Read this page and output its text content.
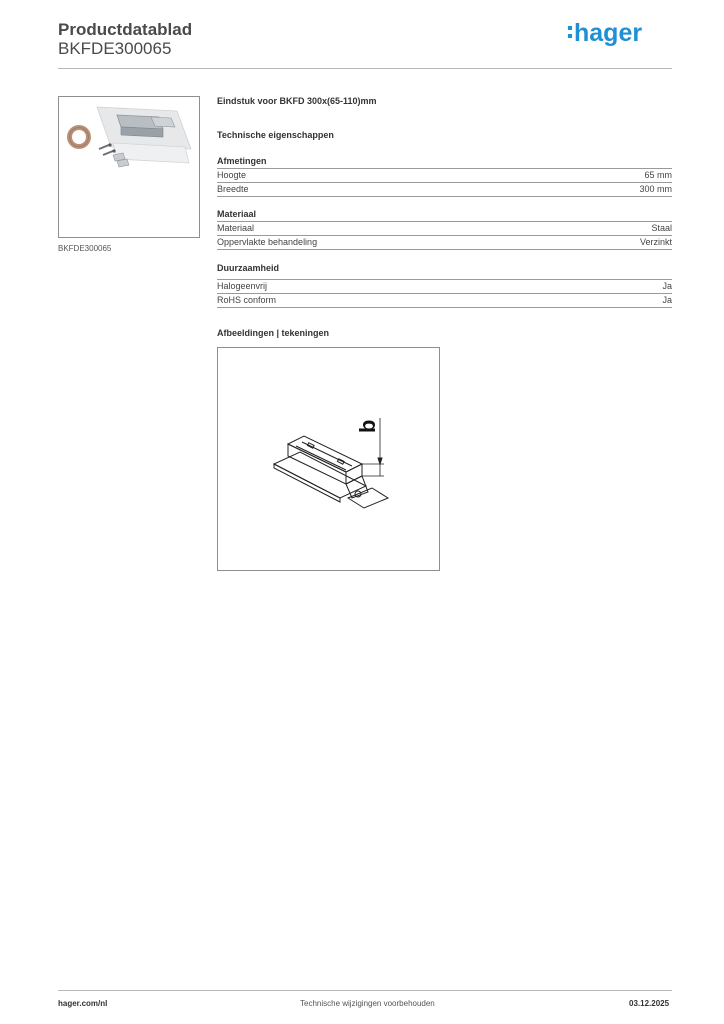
Productdatablad
BKFDE300065
hager
BKFDE300065
Eindstuk voor BKFD 300x(65-110)mm
Technische eigenschappen
Afmetingen
Hoogte	65 mm
Breedte	300 mm
Materiaal
Materiaal	Staal
Oppervlakte behandeling	Verzinkt
Duurzaamheid
Halogeenvrij	Ja
RoHS conform	Ja
Afbeeldingen | tekeningen
b
hager.com/nl	Technische wijzigingen voorbehouden	03.12.2025
